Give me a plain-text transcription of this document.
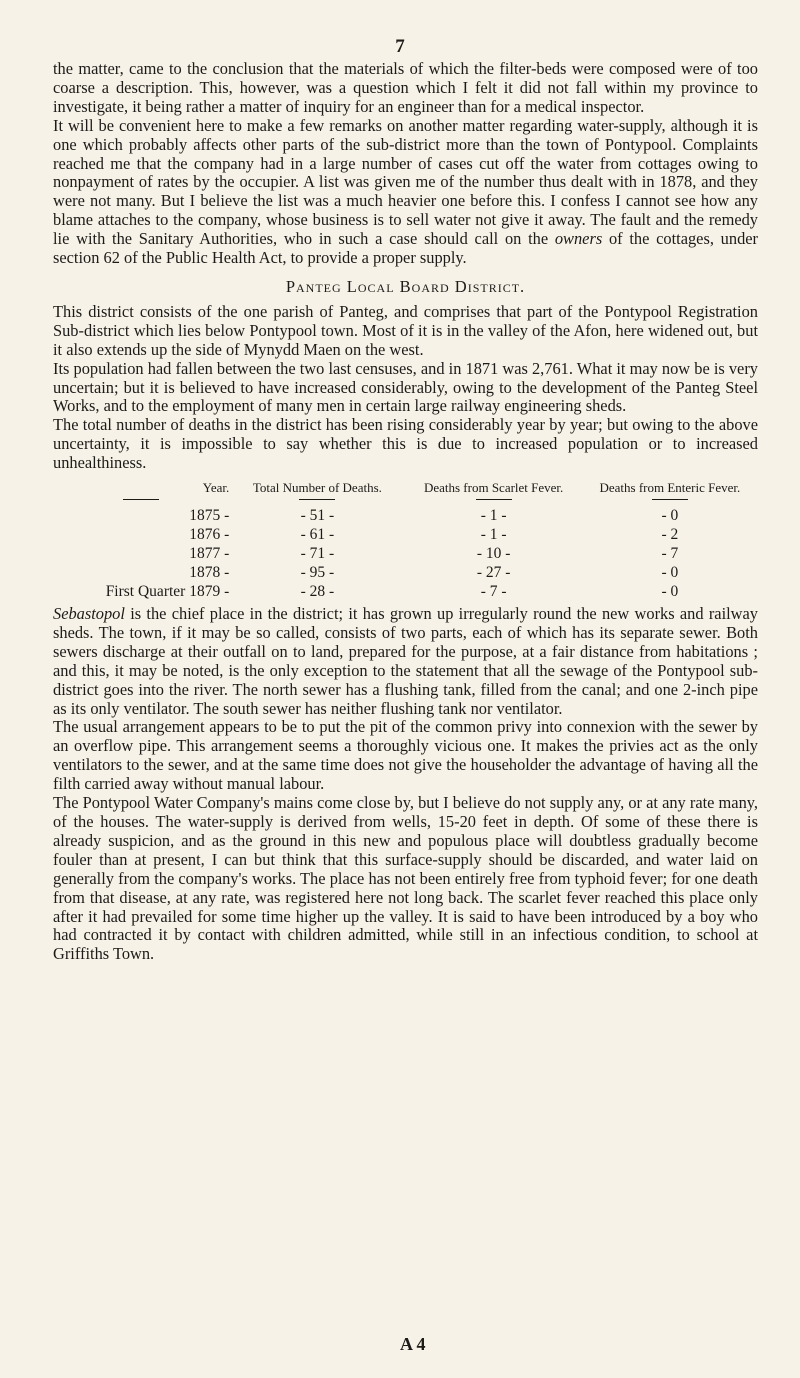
7

the matter, came to the conclusion that the materials of which the filter-beds were composed were of too coarse a description. This, however, was a question which I felt it did not fall within my province to investigate, it being rather a matter of inquiry for an engineer than for a medical inspector.

It will be convenient here to make a few remarks on another matter regarding water-supply, although it is one which probably affects other parts of the sub-district more than the town of Pontypool. Complaints reached me that the company had in a large number of cases cut off the water from cottages owing to nonpayment of rates by the occupier. A list was given me of the number thus dealt with in 1878, and they were not many. But I believe the list was a much heavier one before this. I confess I cannot see how any blame attaches to the company, whose business is to sell water not give it away. The fault and the remedy lie with the Sanitary Authorities, who in such a case should call on the owners of the cottages, under section 62 of the Public Health Act, to provide a proper supply.

Panteg Local Board District.

This district consists of the one parish of Panteg, and comprises that part of the Pontypool Registration Sub-district which lies below Pontypool town. Most of it is in the valley of the Afon, here widened out, but it also extends up the side of Mynydd Maen on the west.

Its population had fallen between the two last censuses, and in 1871 was 2,761. What it may now be is very uncertain; but it is believed to have increased considerably, owing to the development of the Panteg Steel Works, and to the employment of many men in certain large railway engineering sheds.

The total number of deaths in the district has been rising considerably year by year; but owing to the above uncertainty, it is impossible to say whether this is due to increased population or to increased unhealthiness.

Year.	Total Number of Deaths.	Deaths from Scarlet Fever.	Deaths from Enteric Fever.

1875 -	- 51 -	- 1 -	- 0
1876 -	- 61 -	- 1 -	- 2
1877 -	- 71 -	- 10 -	- 7
1878 -	- 95 -	- 27 -	- 0
First Quarter 1879 -	- 28 -	- 7 -	- 0

Sebastopol is the chief place in the district; it has grown up irregularly round the new works and railway sheds. The town, if it may be so called, consists of two parts, each of which has its separate sewer. Both sewers discharge at their outfall on to land, prepared for the purpose, at a fair distance from habitations ; and this, it may be noted, is the only exception to the statement that all the sewage of the Pontypool sub-district goes into the river. The north sewer has a flushing tank, filled from the canal; and one 2-inch pipe as its only ventilator. The south sewer has neither flushing tank nor ventilator.

The usual arrangement appears to be to put the pit of the common privy into connexion with the sewer by an overflow pipe. This arrangement seems a thoroughly vicious one. It makes the privies act as the only ventilators to the sewer, and at the same time does not give the householder the advantage of having all the filth carried away without manual labour.

The Pontypool Water Company's mains come close by, but I believe do not supply any, or at any rate many, of the houses. The water-supply is derived from wells, 15-20 feet in depth. Of some of these there is already suspicion, and as the ground in this new and populous place will doubtless gradually become fouler than at present, I can but think that this surface-supply should be discarded, and water laid on generally from the company's works. The place has not been entirely free from typhoid fever; for one death from that disease, at any rate, was registered here not long back. The scarlet fever reached this place only after it had prevailed for some time higher up the valley. It is said to have been introduced by a boy who had contracted it by contact with children admitted, while still in an infectious condition, to school at Griffiths Town.

A 4
